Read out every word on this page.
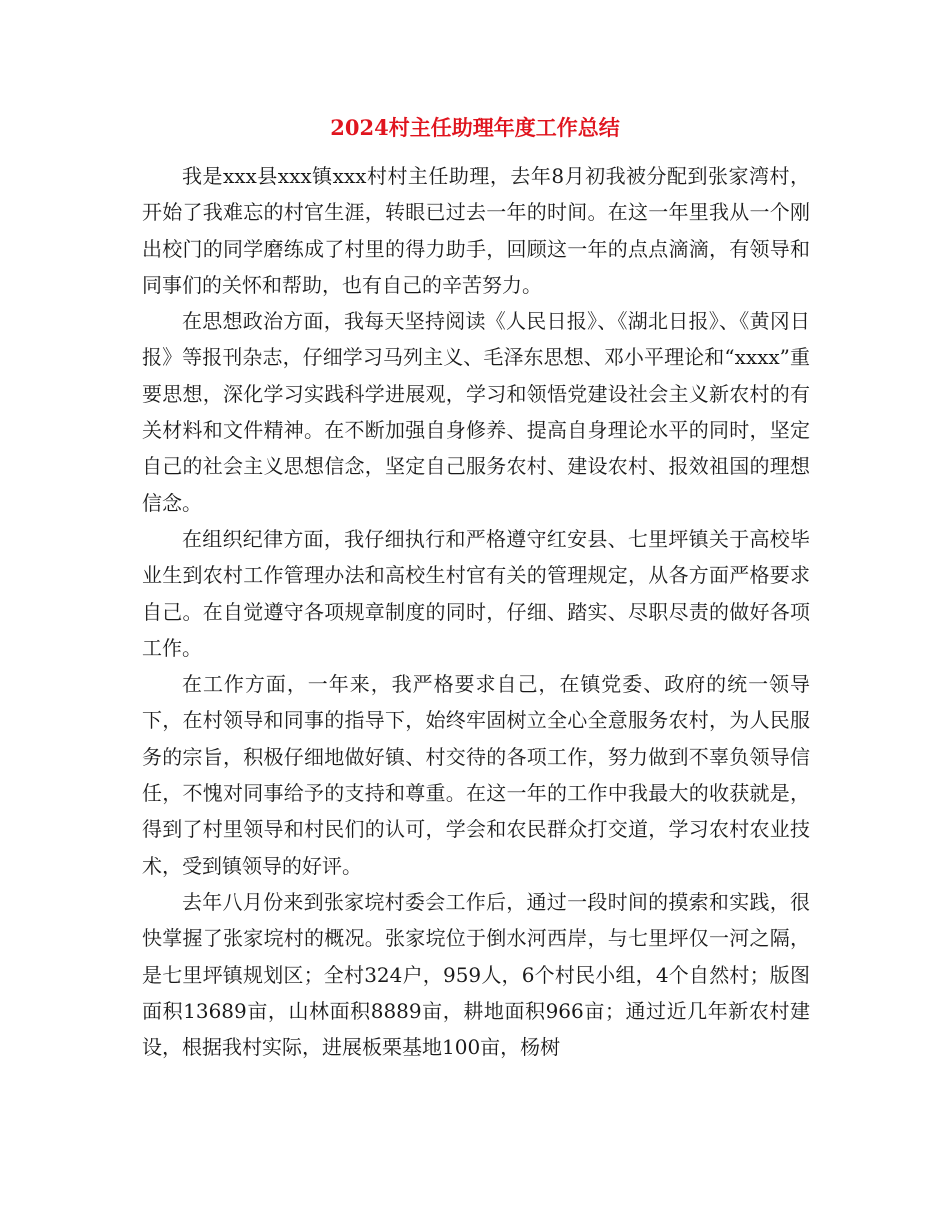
2024村主任助理年度工作总结

我是xxx县xxx镇xxx村村主任助理，去年8月初我被分配到张家湾村，开始了我难忘的村官生涯，转眼已过去一年的时间。在这一年里我从一个刚出校门的同学磨练成了村里的得力助手，回顾这一年的点点滴滴，有领导和同事们的关怀和帮助，也有自己的辛苦努力。

在思想政治方面，我每天坚持阅读《人民日报》、《湖北日报》、《黄冈日报》等报刊杂志，仔细学习马列主义、毛泽东思想、邓小平理论和“xxxx”重要思想，深化学习实践科学进展观，学习和领悟党建设社会主义新农村的有关材料和文件精神。在不断加强自身修养、提高自身理论水平的同时，坚定自己的社会主义思想信念，坚定自己服务农村、建设农村、报效祖国的理想信念。

在组织纪律方面，我仔细执行和严格遵守红安县、七里坪镇关于高校毕业生到农村工作管理办法和高校生村官有关的管理规定，从各方面严格要求自己。在自觉遵守各项规章制度的同时，仔细、踏实、尽职尽责的做好各项工作。

在工作方面，一年来，我严格要求自己，在镇党委、政府的统一领导下，在村领导和同事的指导下，始终牢固树立全心全意服务农村，为人民服务的宗旨，积极仔细地做好镇、村交待的各项工作，努力做到不辜负领导信任，不愧对同事给予的支持和尊重。在这一年的工作中我最大的收获就是，得到了村里领导和村民们的认可，学会和农民群众打交道，学习农村农业技术，受到镇领导的好评。

去年八月份来到张家垸村委会工作后，通过一段时间的摸索和实践，很快掌握了张家垸村的概况。张家垸位于倒水河西岸，与七里坪仅一河之隔，是七里坪镇规划区；全村324户，959人，6个村民小组，4个自然村；版图面积13689亩，山林面积8889亩，耕地面积966亩；通过近几年新农村建设，根据我村实际，进展板栗基地100亩，杨树
